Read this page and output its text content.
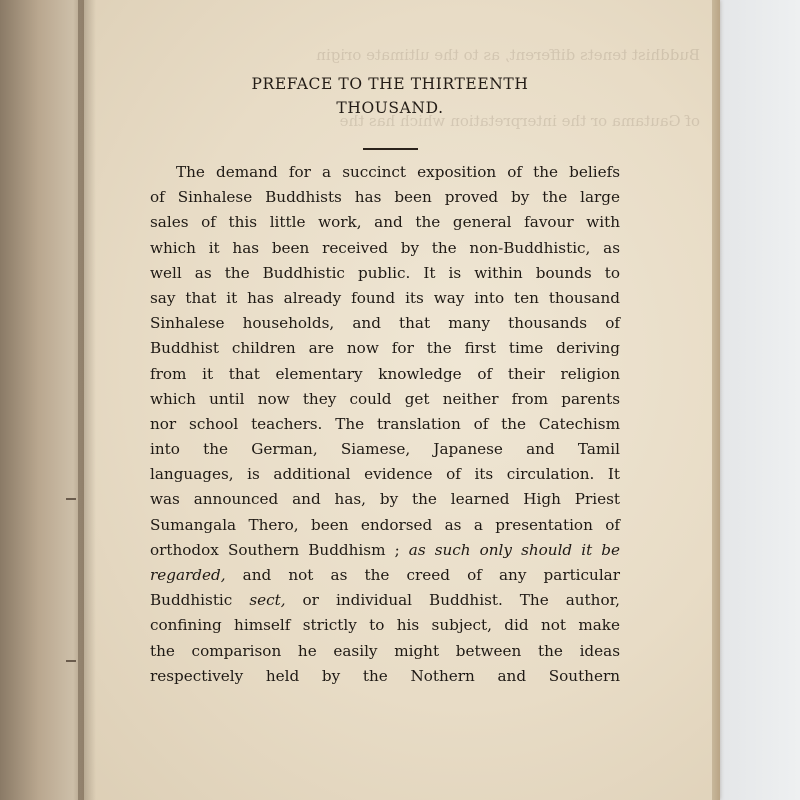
PREFACE TO THE THIRTEENTH
THOUSAND.
The demand for a succinct exposition of the beliefs
of Sinhalese Buddhists has been proved by the large
sales of this little work, and the general favour with
which it has been received by the non-Buddhistic, as
well as the Buddhistic public. It is within bounds to
say that it has already found its way into ten thousand
Sinhalese households, and that many thousands of
Buddhist children are now for the first time deriving
from it that elementary knowledge of their religion
which until now they could get neither from parents
nor school teachers. The translation of the Catechism
into the German, Siamese, Japanese and Tamil
languages, is additional evidence of its circulation. It
was announced and has, by the learned High Priest
Sumangala Thero, been endorsed as a presentation of
orthodox Southern Buddhism ; as such only should it be
regarded, and not as the creed of any particular
Buddhistic sect, or individual Buddhist. The author,
confining himself strictly to his subject, did not make
the comparison he easily might between the ideas
respectively held by the Nothern and Southern
